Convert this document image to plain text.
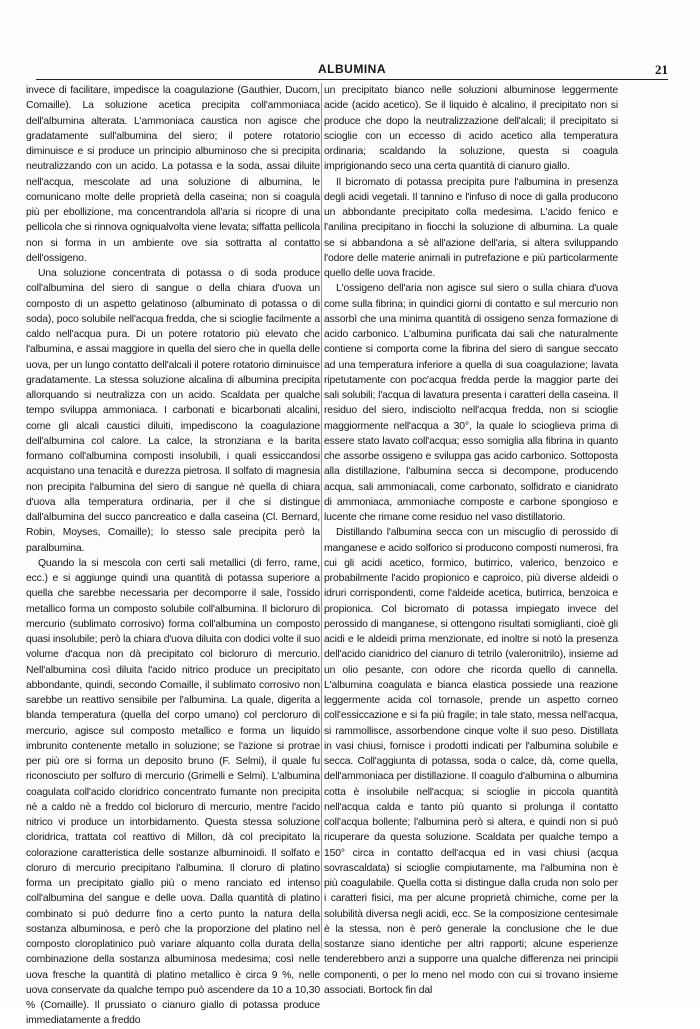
ALBUMINA	21

invece di facilitare, impedisce la coagulazione (Gauthier, Ducom, Comaille). La soluzione acetica precipita coll'ammoniaca dell'albumina alterata. L'ammoniaca caustica non agisce che gradatamente sull'albumina del siero; il potere rotatorio diminuisce e si produce un principio albuminoso che si precipita neutralizzando con un acido. La potassa e la soda, assai diluite nell'acqua, mescolate ad una soluzione di albumina, le comunicano molte delle proprietà della caseina; non si coagula più per ebollizione, ma concentrandola all'aria si ricopre di una pellicola che si rinnova ogniqualvolta viene levata; siffatta pellicola non si forma in un ambiente ove sia sottratta al contatto dell'ossigeno.

Una soluzione concentrata di potassa o di soda produce coll'albumina del siero di sangue o della chiara d'uova un composto di un aspetto gelatinoso (albuminato di potassa o di soda), poco solubile nell'acqua fredda, che si scioglie facilmente a caldo nell'acqua pura. Di un potere rotatorio più elevato che l'albumina, e assai maggiore in quella del siero che in quella delle uova, per un lungo contatto dell'alcali il potere rotatorio diminuisce gradatamente. La stessa soluzione alcalina di albumina precipita allorquando si neutralizza con un acido. Scaldata per qualche tempo sviluppa ammoniaca. I carbonati e bicarbonati alcalini, come gli alcali caustici diluiti, impediscono la coagulazione dell'albumina col calore. La calce, la stronziana e la barita formano coll'albumina composti insolubili, i quali essiccandosi acquistano una tenacità e durezza pietrosa. Il solfato di magnesia non precipita l'albumina del siero di sangue nè quella di chiara d'uova alla temperatura ordinaria, per il che si distingue dall'albumina del succo pancreatico e dalla caseina (Cl. Bernard, Robin, Moyses, Comaille); lo stesso sale precipita però la paralbumina.

Quando la si mescola con certi sali metallici (di ferro, rame, ecc.) e si aggiunge quindi una quantità di potassa superiore a quella che sarebbe necessaria per decomporre il sale, l'ossido metallico forma un composto solubile coll'albumina. Il bicloruro di mercurio (sublimato corrosivo) forma coll'albumina un composto quasi insolubile; però la chiara d'uova diluita con dodici volte il suo volume d'acqua non dà precipitato col bicloruro di mercurio. Nell'albumina così diluita l'acido nitrico produce un precipitato abbondante, quindi, secondo Comaille, il sublimato corrosivo non sarebbe un reattivo sensibile per l'albumina. La quale, digerita a blanda temperatura (quella del corpo umano) col percloruro di mercurio, agisce sul composto metallico e forma un liquido imbrunito contenente metallo in soluzione; se l'azione si protrae per più ore si forma un deposito bruno (F. Selmi), il quale fu riconosciuto per solfuro di mercurio (Grimelli e Selmi). L'albumina coagulata coll'acido cloridrico concentrato fumante non precipita nè a caldo nè a freddo col bicloruro di mercurio, mentre l'acido nitrico vi produce un intorbidamento. Questa stessa soluzione cloridrica, trattata col reattivo di Millon, dà col precipitato la colorazione caratteristica delle sostanze albuminoidi. Il solfato e cloruro di mercurio precipitano l'albumina. Il cloruro di platino forma un precipitato giallo più o meno ranciato ed intenso coll'albumina del sangue e delle uova. Dalla quantità di platino combinato si può dedurre fino a certo punto la natura della sostanza albuminosa, e però che la proporzione del platino nel composto cloroplatinico può variare alquanto colla durata della combinazione della sostanza albuminosa medesima; così nelle uova fresche la quantità di platino metallico è circa 9 %, nelle uova conservate da qualche tempo può ascendere da 10 a 10,30 % (Comaille). Il prussiato o cianuro giallo di potassa produce immediatamente a freddo

un precipitato bianco nelle soluzioni albuminose leggermente acide (acido acetico). Se il liquido è alcalino, il precipitato non si produce che dopo la neutralizzazione dell'alcali; il precipitato si scioglie con un eccesso di acido acetico alla temperatura ordinaria; scaldando la soluzione, questa si coagula imprigionando seco una certa quantità di cianuro giallo.

Il bicromato di potassa precipita pure l'albumina in presenza degli acidi vegetali. Il tannino e l'infuso di noce di galla producono un abbondante precipitato colla medesima. L'acido fenico e l'anilina precipitano in fiocchi la soluzione di albumina. La quale se si abbandona a sè all'azione dell'aria, si altera sviluppando l'odore delle materie animali in putrefazione e più particolarmente quello delle uova fracide.

L'ossigeno dell'aria non agisce sul siero o sulla chiara d'uova come sulla fibrina; in quindici giorni di contatto e sul mercurio non assorbì che una minima quantità di ossigeno senza formazione di acido carbonico. L'albumina purificata dai sali che naturalmente contiene si comporta come la fibrina del siero di sangue seccato ad una temperatura inferiore a quella di sua coagulazione; lavata ripetutamente con poc'acqua fredda perde la maggior parte dei sali solubili; l'acqua di lavatura presenta i caratteri della caseina. Il residuo del siero, indisciolto nell'acqua fredda, non si scioglie maggiormente nell'acqua a 30°, la quale lo scioglieva prima di essere stato lavato coll'acqua; esso somiglia alla fibrina in quanto che assorbe ossigeno e sviluppa gas acido carbonico. Sottoposta alla distillazione, l'albumina secca si decompone, producendo acqua, sali ammoniacali, come carbonato, solfidrato e cianidrato di ammoniaca, ammoniache composte e carbone spongioso e lucente che rimane come residuo nel vaso distillatorio.

Distillando l'albumina secca con un miscuglio di perossido di manganese e acido solforico si producono composti numerosi, fra cui gli acidi acetico, formico, butirrico, valerico, benzoico e probabilmente l'acido propionico e caproico, più diverse aldeidi o idruri corrispondenti, come l'aldeide acetica, butirrica, benzoica e propionica. Col bicromato di potassa impiegato invece del perossido di manganese, si ottengono risultati somiglianti, cioè gli acidi e le aldeidi prima menzionate, ed inoltre si notò la presenza dell'acido cianidrico del cianuro di tetrilo (valeronitrilo), insieme ad un olio pesante, con odore che ricorda quello di cannella. L'albumina coagulata e bianca elastica possiede una reazione leggermente acida col tornasole, prende un aspetto corneo coll'essiccazione e si fa più fragile; in tale stato, messa nell'acqua, si rammollisce, assorbendone cinque volte il suo peso. Distillata in vasi chiusi, fornisce i prodotti indicati per l'albumina solubile e secca. Coll'aggiunta di potassa, soda o calce, dà, come quella, dell'ammoniaca per distillazione. Il coagulo d'albumina o albumina cotta è insolubile nell'acqua; si scioglie in piccola quantità nell'acqua calda e tanto più quanto si prolunga il contatto coll'acqua bollente; l'albumina però si altera, e quindi non si può ricuperare da questa soluzione. Scaldata per qualche tempo a 150° circa in contatto dell'acqua ed in vasi chiusi (acqua sovrascaldata) si scioglie compiutamente, ma l'albumina non è più coagulabile. Quella cotta si distingue dalla cruda non solo per i caratteri fisici, ma per alcune proprietà chimiche, come per la solubilità diversa negli acidi, ecc. Se la composizione centesimale è la stessa, non è però generale la conclusione che le due sostanze siano identiche per altri rapporti; alcune esperienze tenderebbero anzi a supporre una qualche differenza nei principii componenti, o per lo meno nel modo con cui si trovano insieme associati. Bortock fin dal
